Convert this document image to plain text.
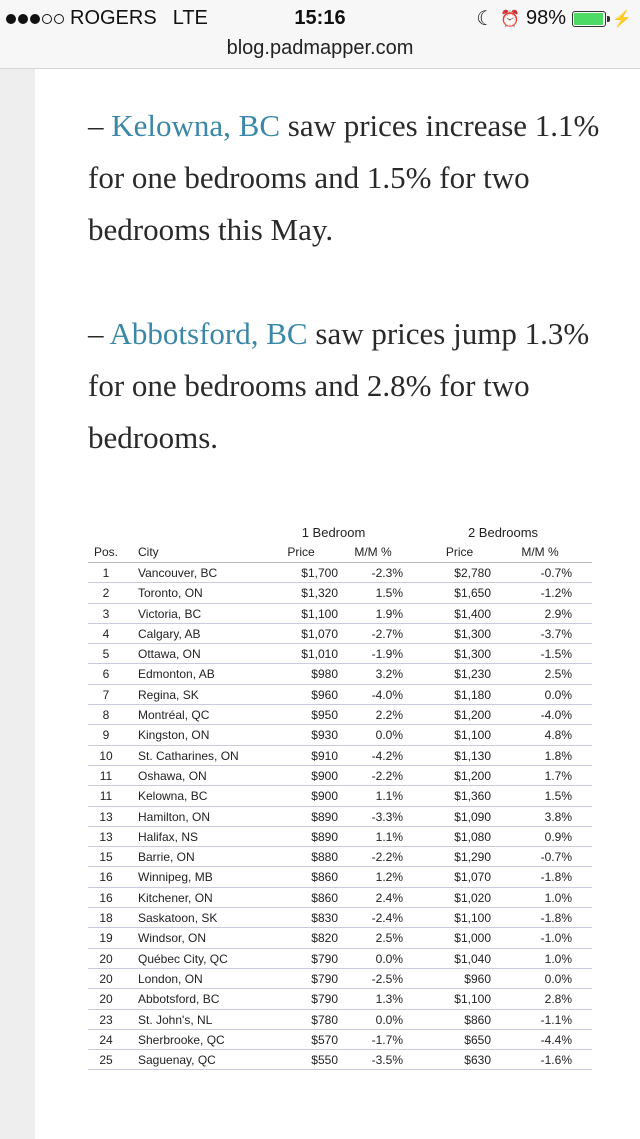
ROGERS LTE	15:16	☾ ⏰ 98%	⚡
blog.padmapper.com

– Kelowna, BC saw prices increase 1.1% for one bedrooms and 1.5% for two bedrooms this May.

– Abbotsford, BC saw prices jump 1.3% for one bedrooms and 2.8% for two bedrooms.

1 Bedroom	2 Bedrooms
Pos. City	Price	M/M %	Price	M/M %
1	Vancouver, BC	$1,700	-2.3%	$2,780	-0.7%
2	Toronto, ON	$1,320	1.5%	$1,650	-1.2%
3	Victoria, BC	$1,100	1.9%	$1,400	2.9%
4	Calgary, AB	$1,070	-2.7%	$1,300	-3.7%
5	Ottawa, ON	$1,010	-1.9%	$1,300	-1.5%
6	Edmonton, AB	$980	3.2%	$1,230	2.5%
7	Regina, SK	$960	-4.0%	$1,180	0.0%
8	Montréal, QC	$950	2.2%	$1,200	-4.0%
9	Kingston, ON	$930	0.0%	$1,100	4.8%
10	St. Catharines, ON	$910	-4.2%	$1,130	1.8%
11	Oshawa, ON	$900	-2.2%	$1,200	1.7%
11	Kelowna, BC	$900	1.1%	$1,360	1.5%
13	Hamilton, ON	$890	-3.3%	$1,090	3.8%
13	Halifax, NS	$890	1.1%	$1,080	0.9%
15	Barrie, ON	$880	-2.2%	$1,290	-0.7%
16	Winnipeg, MB	$860	1.2%	$1,070	-1.8%
16	Kitchener, ON	$860	2.4%	$1,020	1.0%
18	Saskatoon, SK	$830	-2.4%	$1,100	-1.8%
19	Windsor, ON	$820	2.5%	$1,000	-1.0%
20	Québec City, QC	$790	0.0%	$1,040	1.0%
20	London, ON	$790	-2.5%	$960	0.0%
20	Abbotsford, BC	$790	1.3%	$1,100	2.8%
23	St. John's, NL	$780	0.0%	$860	-1.1%
24	Sherbrooke, QC	$570	-1.7%	$650	-4.4%
25	Saguenay, QC	$550	-3.5%	$630	-1.6%
